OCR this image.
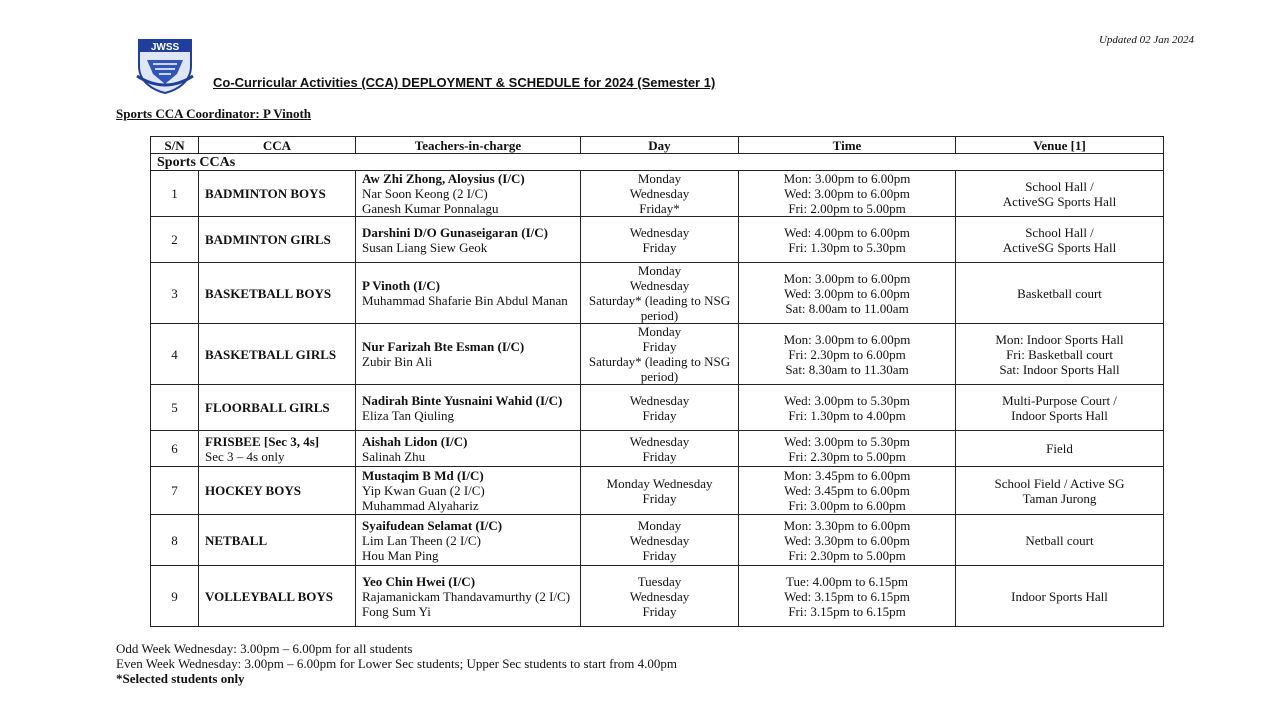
JWSS
Updated 02 Jan 2024
Co-Curricular Activities (CCA) DEPLOYMENT & SCHEDULE for 2024 (Semester 1)
Sports CCA Coordinator: P Vinoth
S/N	CCA	Teachers-in-charge	Day	Time	Venue [1]
Sports CCAs					
1	BADMINTON BOYS	Aw Zhi Zhong, Aloysius (I/C)
Nar Soon Keong (2 I/C)
Ganesh Kumar Ponnalagu	Monday
Wednesday
Friday*	Mon: 3.00pm to 6.00pm
Wed: 3.00pm to 6.00pm
Fri: 2.00pm to 5.00pm	School Hall /
ActiveSG Sports Hall

2	BADMINTON GIRLS	Darshini D/O Gunaseigaran (I/C)
Susan Liang Siew Geok	Wednesday
Friday	Wed: 4.00pm to 6.00pm
Fri: 1.30pm to 5.30pm	School Hall /
ActiveSG Sports Hall

3	BASKETBALL BOYS	P Vinoth (I/C)
Muhammad Shafarie Bin Abdul Manan	Monday
Wednesday
Saturday* (leading to NSG period)	Mon: 3.00pm to 6.00pm
Wed: 3.00pm to 6.00pm
Sat: 8.00am to 11.00am	Basketball court

4	BASKETBALL GIRLS	Nur Farizah Bte Esman (I/C)
Zubir Bin Ali	Monday
Friday
Saturday* (leading to NSG period)	Mon: 3.00pm to 6.00pm
Fri: 2.30pm to 6.00pm
Sat: 8.30am to 11.30am	Mon: Indoor Sports Hall
Fri: Basketball court
Sat: Indoor Sports Hall

5	FLOORBALL GIRLS	Nadirah Binte Yusnaini Wahid (I/C)
Eliza Tan Qiuling	Wednesday
Friday	Wed: 3.00pm to 5.30pm
Fri: 1.30pm to 4.00pm	Multi-Purpose Court /
Indoor Sports Hall

6	FRISBEE [Sec 3, 4s]
Sec 3 – 4s only	Aishah Lidon (I/C)
Salinah Zhu	Wednesday
Friday	Wed: 3.00pm to 5.30pm
Fri: 2.30pm to 5.00pm	Field

7	HOCKEY BOYS	Mustaqim B Md (I/C)
Yip Kwan Guan (2 I/C)
Muhammad Alyahariz	Monday Wednesday
Friday	Mon: 3.45pm to 6.00pm
Wed: 3.45pm to 6.00pm
Fri: 3.00pm to 6.00pm	School Field / Active SG
Taman Jurong

8	NETBALL	Syaifudean Selamat (I/C)
Lim Lan Theen (2 I/C)
Hou Man Ping	Monday
Wednesday
Friday	Mon: 3.30pm to 6.00pm
Wed: 3.30pm to 6.00pm
Fri: 2.30pm to 5.00pm	Netball court

9	VOLLEYBALL BOYS	Yeo Chin Hwei (I/C)
Rajamanickam Thandavamurthy (2 I/C)
Fong Sum Yi	Tuesday
Wednesday
Friday	Tue: 4.00pm to 6.15pm
Wed: 3.15pm to 6.15pm
Fri: 3.15pm to 6.15pm	Indoor Sports Hall
Odd Week Wednesday: 3.00pm – 6.00pm for all students
Even Week Wednesday: 3.00pm – 6.00pm for Lower Sec students; Upper Sec students to start from 4.00pm
*Selected students only
